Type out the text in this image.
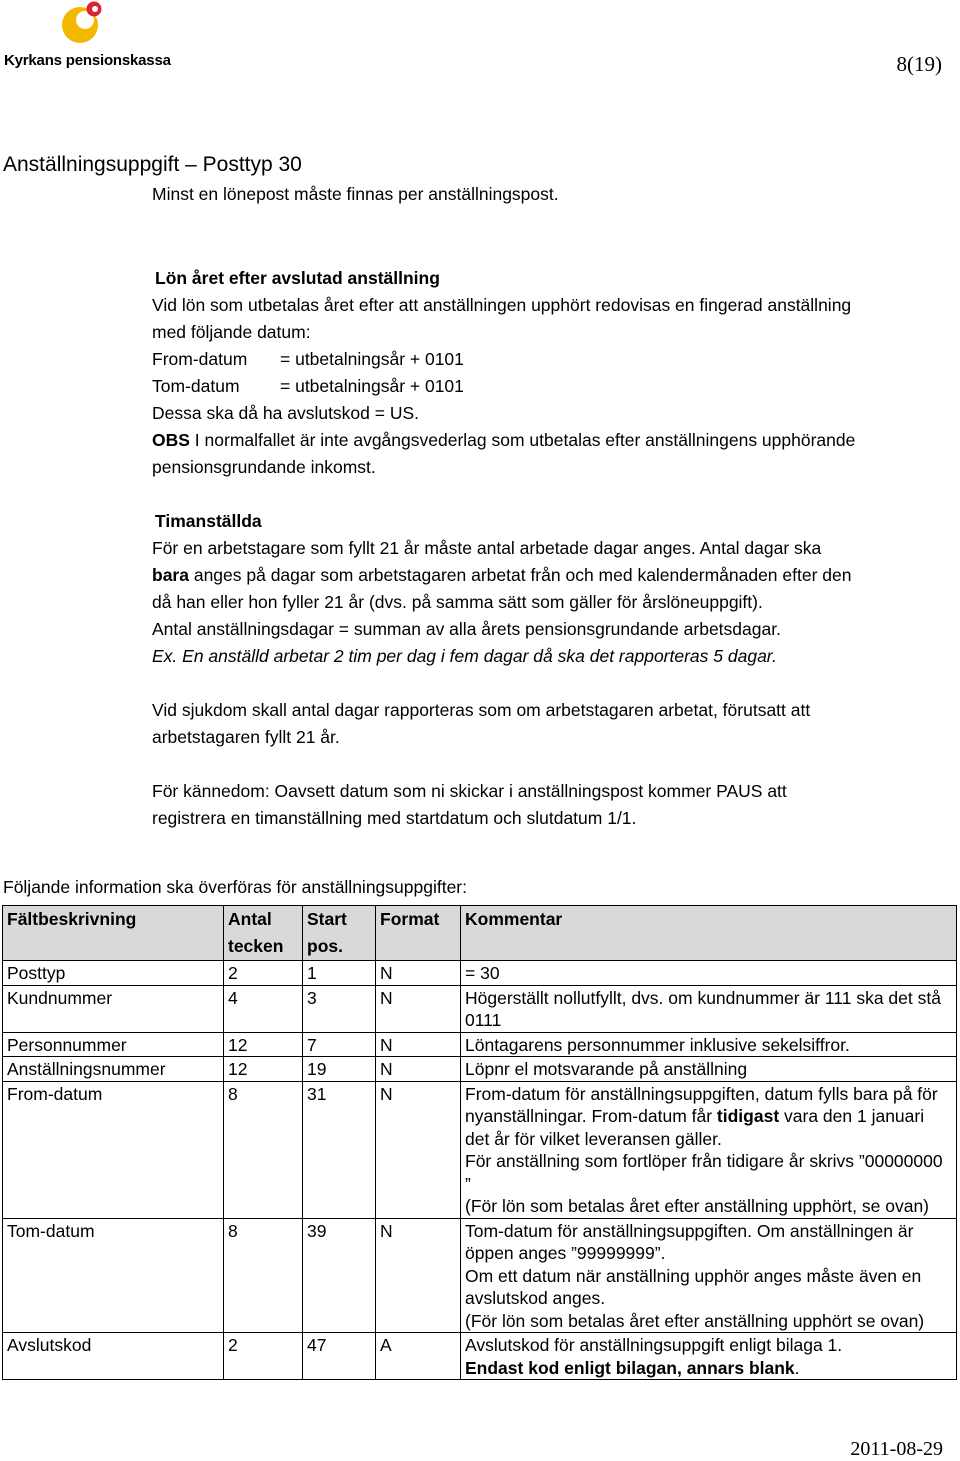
Kyrkans pensionskassa	8(19)
Anställningsuppgift – Posttyp 30
Minst en lönepost måste finnas per anställningspost.
Lön året efter avslutad anställning
Vid lön som utbetalas året efter att anställningen upphört redovisas en fingerad anställning
med följande datum:
From-datum	= utbetalningsår + 0101
Tom-datum	= utbetalningsår + 0101
Dessa ska då ha avslutskod = US.
OBS I normalfallet är inte avgångsvederlag som utbetalas efter anställningens upphörande
pensionsgrundande inkomst.
Timanställda
För en arbetstagare som fyllt 21 år måste antal arbetade dagar anges. Antal dagar ska
bara anges på dagar som arbetstagaren arbetat från och med kalendermånaden efter den
då han eller hon fyller 21 år (dvs. på samma sätt som gäller för årslöneuppgift).
Antal anställningsdagar = summan av alla årets pensionsgrundande arbetsdagar.
Ex. En anställd arbetar 2 tim per dag i fem dagar då ska det rapporteras 5 dagar.
Vid sjukdom skall antal dagar rapporteras som om arbetstagaren arbetat, förutsatt att
arbetstagaren fyllt 21 år.
För kännedom: Oavsett datum som ni skickar i anställningspost kommer PAUS att
registrera en timanställning med startdatum och slutdatum 1/1.
Följande information ska överföras för anställningsuppgifter:
Fältbeskrivning	Antal tecken	Start pos.	Format	Kommentar
Posttyp	2	1	N	= 30
Kundnummer	4	3	N	Högerställt nollutfyllt, dvs. om kundnummer är 111 ska det stå 0111
Personnummer	12	7	N	Löntagarens personnummer inklusive sekelsiffror.
Anställningsnummer	12	19	N	Löpnr el motsvarande på anställning
From-datum	8	31	N	From-datum för anställningsuppgiften, datum fylls bara på för nyanställningar. From-datum får tidigast vara den 1 januari det år för vilket leveransen gäller.
För anställning som fortlöper från tidigare år skrivs ”00000000 ”
(För lön som betalas året efter anställning upphört, se ovan)

Tom-datum	8	39	N	Tom-datum för anställningsuppgiften. Om anställningen är öppen anges ”99999999”.
Om ett datum när anställning upphör anges måste även en avslutskod anges.
(För lön som betalas året efter anställning upphört se ovan)

Avslutskod	2	47	A	Avslutskod för anställningsuppgift enligt bilaga 1.
Endast kod enligt bilagan, annars blank.
2011-08-29
